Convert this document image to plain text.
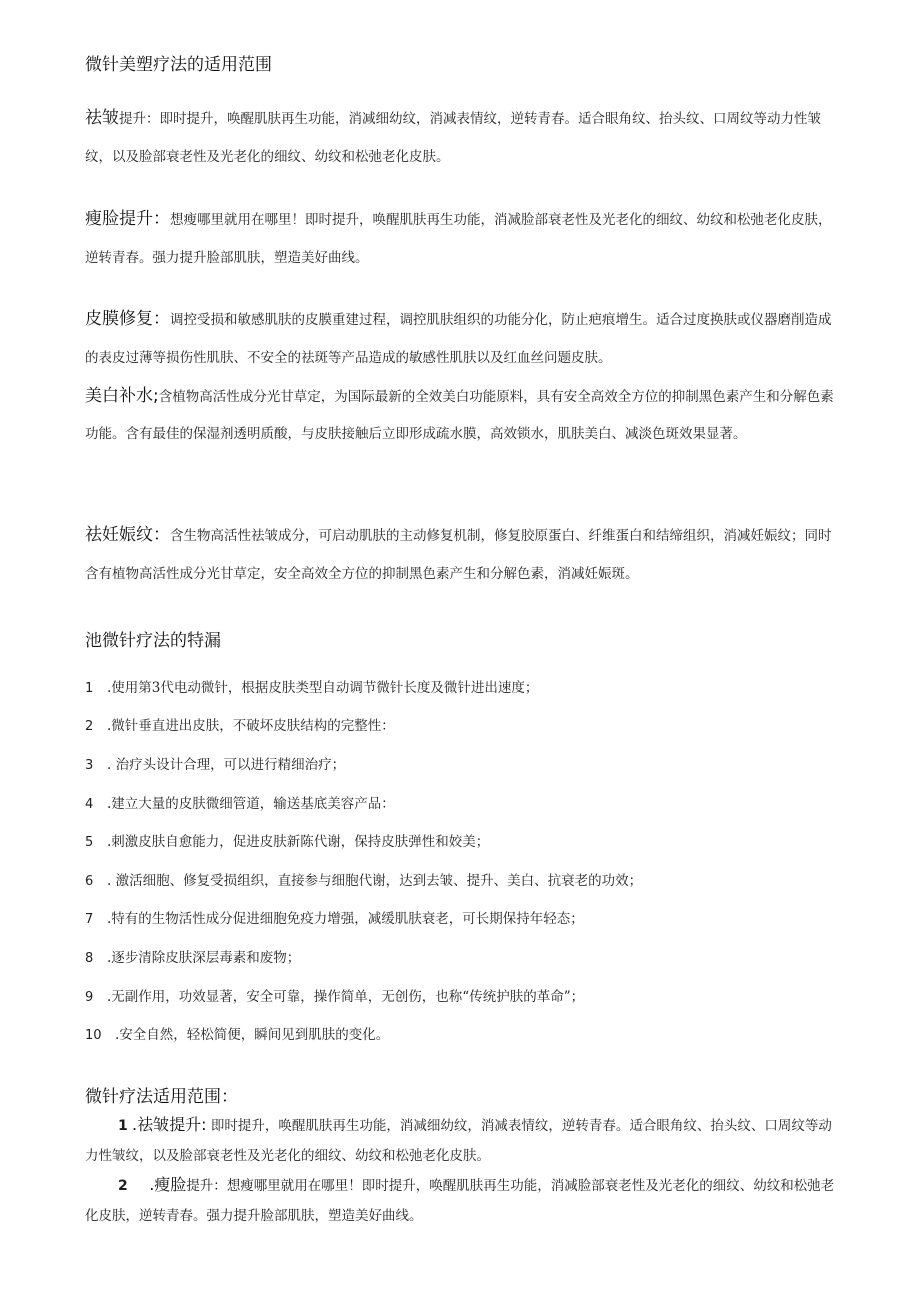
微针美塑疗法的适用范围
祛皱提升：即时提升，唤醒肌肤再生功能，消减细幼纹，消减表情纹，逆转青春。适合眼角纹、抬头纹、口周纹等动力性皱纹，以及脸部衰老性及光老化的细纹、幼纹和松弛老化皮肤。
瘦脸提升：想瘦哪里就用在哪里！即时提升，唤醒肌肤再生功能，消减脸部衰老性及光老化的细纹、幼纹和松弛老化皮肤，逆转青春。强力提升脸部肌肤，塑造美好曲线。
皮膜修复：调控受损和敏感肌肤的皮膜重建过程，调控肌肤组织的功能分化，防止疤痕增生。适合过度换肤或仪器磨削造成的表皮过薄等损伤性肌肤、不安全的祛斑等产品造成的敏感性肌肤以及红血丝问题皮肤。
美白补水;含植物高活性成分光甘草定，为国际最新的全效美白功能原料，具有安全高效全方位的抑制黑色素产生和分解色素功能。含有最佳的保湿剂透明质酸，与皮肤接触后立即形成疏水膜，高效锁水，肌肤美白、减淡色斑效果显著。
祛妊娠纹：含生物高活性祛皱成分，可启动肌肤的主动修复机制，修复胶原蛋白、纤维蛋白和结缔组织，消减妊娠纹；同时含有植物高活性成分光甘草定，安全高效全方位的抑制黑色素产生和分解色素，消减妊娠斑。
池微针疗法的特漏
1 .使用第3代电动微针，根据皮肤类型自动调节微针长度及微针进出速度；
2 .微针垂直进出皮肤，不破坏皮肤结构的完整性：
3 . 治疗头设计合理，可以进行精细治疗；
4 .建立大量的皮肤微细管道，输送基底美容产品：
5 .刺激皮肤自愈能力，促进皮肤新陈代谢，保持皮肤弹性和姣美；
6 . 激活细胞、修复受损组织，直接参与细胞代谢，达到去皱、提升、美白、抗衰老的功效；
7 .特有的生物活性成分促进细胞免疫力增强，减缓肌肤衰老，可长期保持年轻态；
8 .逐步清除皮肤深层毒素和废物；
9 .无副作用，功效显著，安全可靠，操作简单，无创伤，也称“传统护肤的革命”；
10 .安全自然，轻松简便，瞬间见到肌肤的变化。
微针疗法适用范围：
1 .祛皱提升: 即时提升，唤醒肌肤再生功能，消减细幼纹，消减表情纹，逆转青春。适合眼角纹、抬头纹、口周纹等动力性皱纹，以及脸部衰老性及光老化的细纹、幼纹和松弛老化皮肤。
2 .瘦脸提升：想瘦哪里就用在哪里！即时提升，唤醒肌肤再生功能，消减脸部衰老性及光老化的细纹、幼纹和松弛老化皮肤，逆转青春。强力提升脸部肌肤，塑造美好曲线。
